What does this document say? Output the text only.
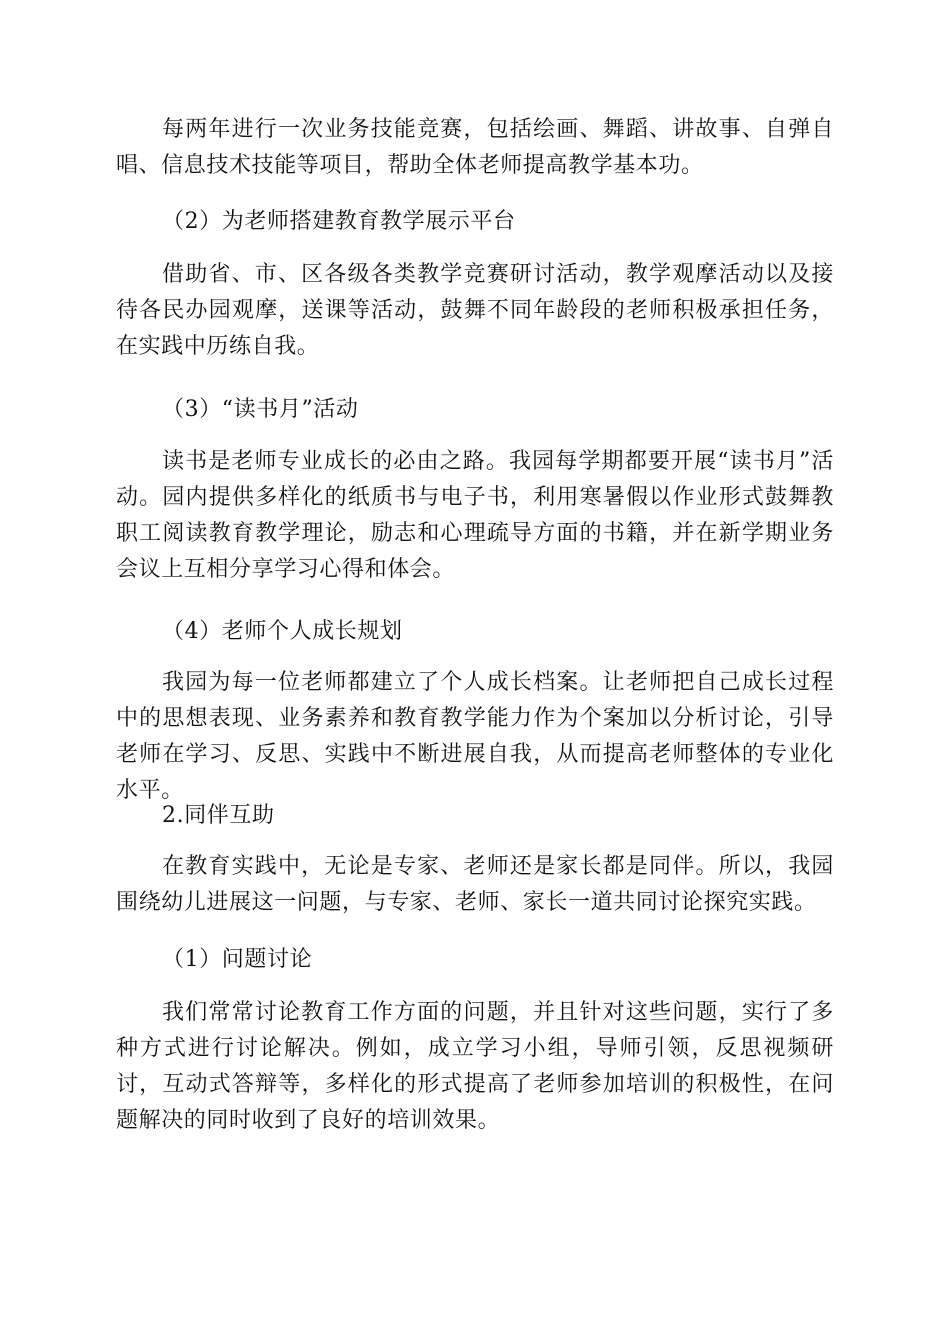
每两年进行一次业务技能竞赛，包括绘画、舞蹈、讲故事、自弹自唱、信息技术技能等项目，帮助全体老师提高教学基本功。
（2）为老师搭建教育教学展示平台
借助省、市、区各级各类教学竞赛研讨活动，教学观摩活动以及接待各民办园观摩，送课等活动，鼓舞不同年龄段的老师积极承担任务，在实践中历练自我。
（3）“读书月”活动
读书是老师专业成长的必由之路。我园每学期都要开展“读书月”活动。园内提供多样化的纸质书与电子书，利用寒暑假以作业形式鼓舞教职工阅读教育教学理论，励志和心理疏导方面的书籍，并在新学期业务会议上互相分享学习心得和体会。
（4）老师个人成长规划
我园为每一位老师都建立了个人成长档案。让老师把自己成长过程中的思想表现、业务素养和教育教学能力作为个案加以分析讨论，引导老师在学习、反思、实践中不断进展自我，从而提高老师整体的专业化水平。
2.同伴互助
在教育实践中，无论是专家、老师还是家长都是同伴。所以，我园围绕幼儿进展这一问题，与专家、老师、家长一道共同讨论探究实践。
（1）问题讨论
我们常常讨论教育工作方面的问题，并且针对这些问题，实行了多种方式进行讨论解决。例如，成立学习小组，导师引领，反思视频研讨，互动式答辩等，多样化的形式提高了老师参加培训的积极性，在问题解决的同时收到了良好的培训效果。
